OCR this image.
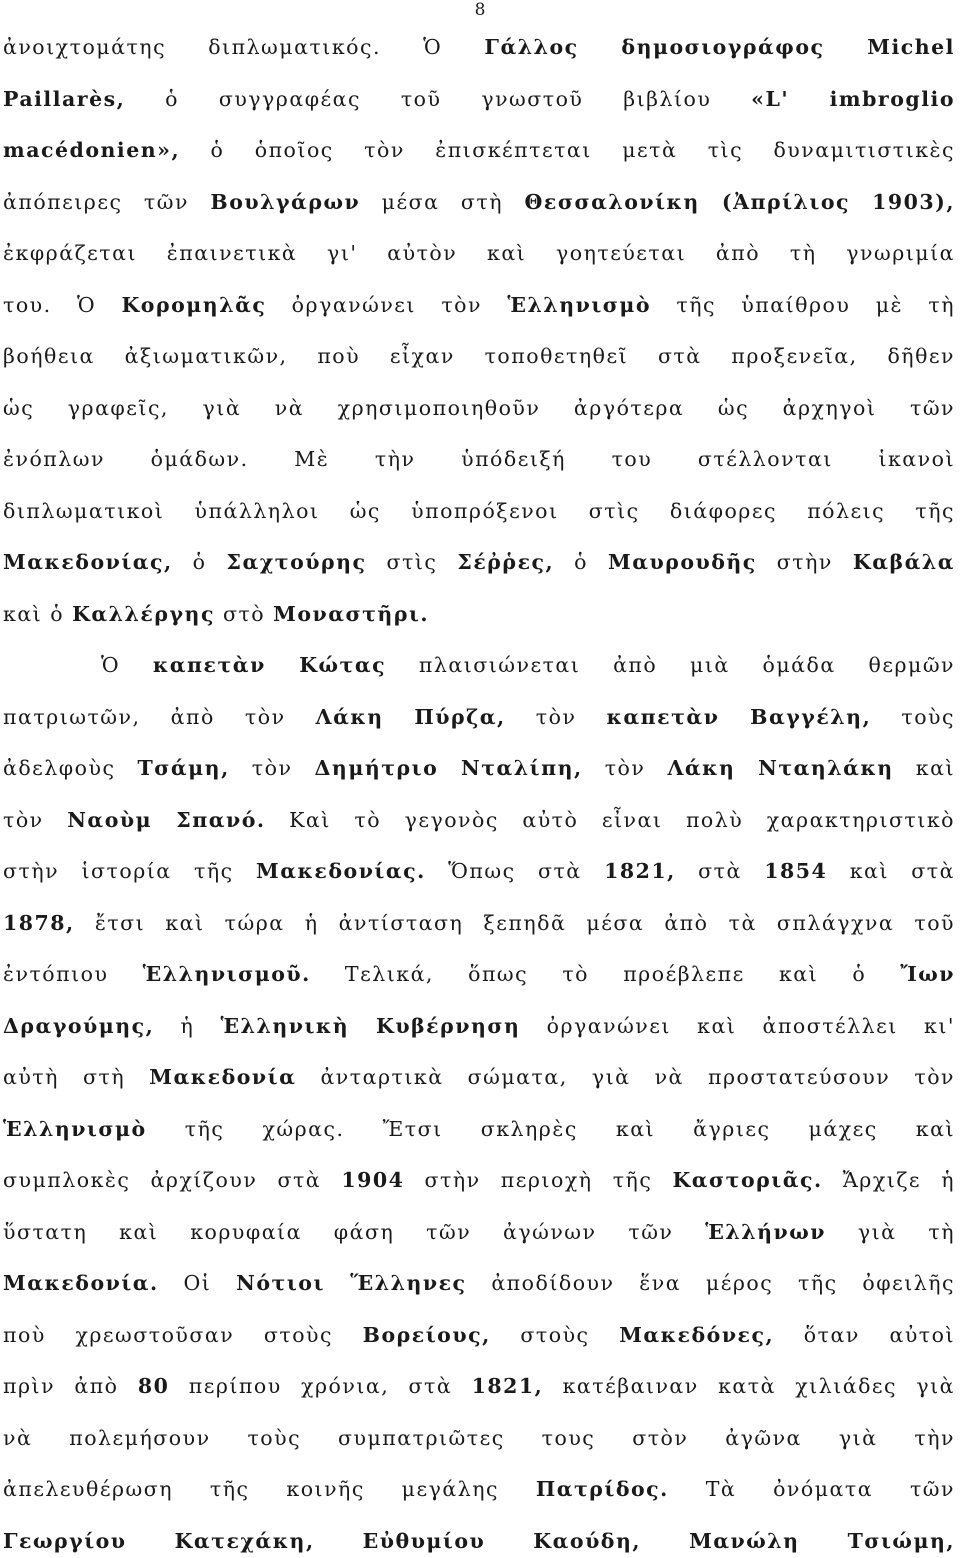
8
ἀνοιχτομάτης διπλωματικός. Ὁ Γάλλος δημοσιογράφος Michel
Paillarès, ὁ συγγραφέας τοῦ γνωστοῦ βιβλίου «L' imbroglio
macédonien», ὁ ὁποῖος τὸν ἐπισκέπτεται μετὰ τὶς δυναμιτιστικὲς
ἀπόπειρες τῶν Βουλγάρων μέσα στὴ Θεσσαλονίκη (Ἀπρίλιος 1903),
ἐκφράζεται ἐπαινετικὰ γι' αὐτὸν καὶ γοητεύεται ἀπὸ τὴ γνωριμία
του. Ὁ Κορομηλᾶς ὀργανώνει τὸν Ἑλληνισμὸ τῆς ὑπαίθρου μὲ τὴ
βοήθεια ἀξιωματικῶν, ποὺ εἶχαν τοποθετηθεῖ στὰ προξενεῖα, δῆθεν
ὡς γραφεῖς, γιὰ νὰ χρησιμοποιηθοῦν ἀργότερα ὡς ἀρχηγοὶ τῶν
ἐνόπλων ὁμάδων. Μὲ τὴν ὑπόδειξή του στέλλονται ἱκανοὶ
διπλωματικοὶ ὑπάλληλοι ὡς ὑποπρόξενοι στὶς διάφορες πόλεις τῆς
Μακεδονίας, ὁ Σαχτούρης στὶς Σέῤῥες, ὁ Μαυρουδῆς στὴν Καβάλα
καὶ ὁ Καλλέργης στὸ Μοναστῆρι.
Ὁ καπετὰν Κώτας πλαισιώνεται ἀπὸ μιὰ ὁμάδα θερμῶν
πατριωτῶν, ἀπὸ τὸν Λάκη Πύρζα, τὸν καπετὰν Βαγγέλη, τοὺς
ἀδελφοὺς Τσάμη, τὸν Δημήτριο Νταλίπη, τὸν Λάκη Νταηλάκη καὶ
τὸν Ναοὺμ Σπανό. Καὶ τὸ γεγονὸς αὐτὸ εἶναι πολὺ χαρακτηριστικὸ
στὴν ἱστορία τῆς Μακεδονίας. Ὅπως στὰ 1821, στὰ 1854 καὶ στὰ
1878, ἔτσι καὶ τώρα ἡ ἀντίσταση ξεπηδᾶ μέσα ἀπὸ τὰ σπλάγχνα τοῦ
ἐντόπιου Ἑλληνισμοῦ. Τελικά, ὅπως τὸ προέβλεπε καὶ ὁ Ἴων
Δραγούμης, ἡ Ἑλληνικὴ Κυβέρνηση ὀργανώνει καὶ ἀποστέλλει κι'
αὐτὴ στὴ Μακεδονία ἀνταρτικὰ σώματα, γιὰ νὰ προστατεύσουν τὸν
Ἑλληνισμὸ τῆς χώρας. Ἔτσι σκληρὲς καὶ ἄγριες μάχες καὶ
συμπλοκὲς ἀρχίζουν στὰ 1904 στὴν περιοχὴ τῆς Καστοριᾶς. Ἄρχιζε ἡ
ὕστατη καὶ κορυφαία φάση τῶν ἀγώνων τῶν Ἑλλήνων γιὰ τὴ
Μακεδονία. Οἱ Νότιοι Ἕλληνες ἀποδίδουν ἕνα μέρος τῆς ὀφειλῆς
ποὺ χρεωστοῦσαν στοὺς Βορείους, στοὺς Μακεδόνες, ὅταν αὐτοὶ
πρὶν ἀπὸ 80 περίπου χρόνια, στὰ 1821, κατέβαιναν κατὰ χιλιάδες γιὰ
νὰ πολεμήσουν τοὺς συμπατριῶτες τους στὸν ἀγῶνα γιὰ τὴν
ἀπελευθέρωση τῆς κοινῆς μεγάλης Πατρίδος. Τὰ ὀνόματα τῶν
Γεωργίου Κατεχάκη, Εὐθυμίου Καούδη, Μανώλη Τσιώμη,
